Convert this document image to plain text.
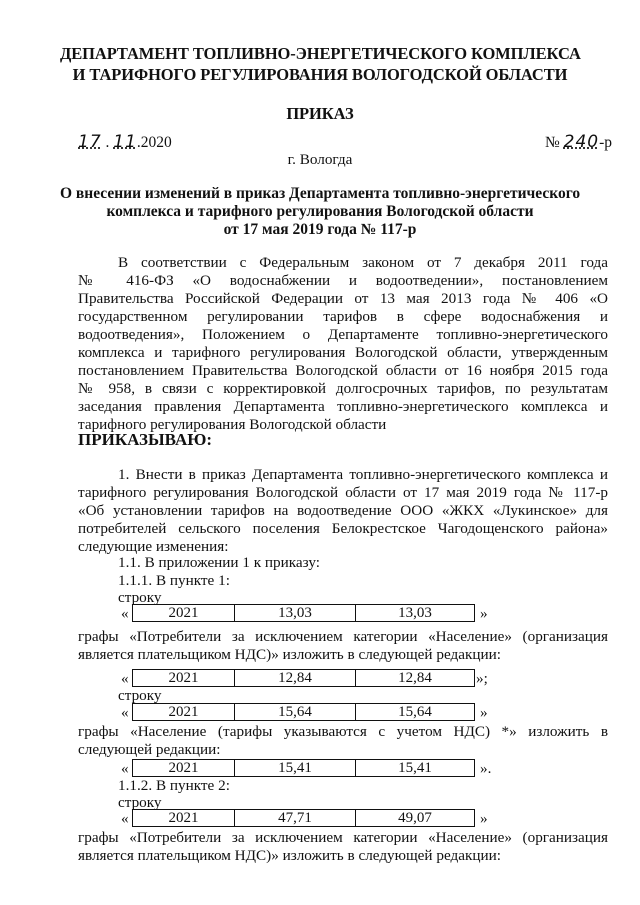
ДЕПАРТАМЕНТ ТОПЛИВНО-ЭНЕРГЕТИЧЕСКОГО КОМПЛЕКСА
И ТАРИФНОГО РЕГУЛИРОВАНИЯ ВОЛОГОДСКОЙ ОБЛАСТИ
ПРИКАЗ
17 . 11.2020	№ 240-р
г. Вологда
О внесении изменений в приказ Департамента топливно-энергетического
комплекса и тарифного регулирования Вологодской области
от 17 мая 2019 года № 117-р
В соответствии с Федеральным законом от 7 декабря 2011 года
№ 416-ФЗ «О водоснабжении и водоотведении», постановлением
Правительства Российской Федерации от 13 мая 2013 года № 406 «О
государственном регулировании тарифов в сфере водоснабжения и
водоотведения», Положением о Департаменте топливно-энергетического
комплекса и тарифного регулирования Вологодской области, утвержденным
постановлением Правительства Вологодской области от 16 ноября 2015 года
№ 958, в связи с корректировкой долгосрочных тарифов, по результатам
заседания правления Департамента топливно-энергетического комплекса и
тарифного регулирования Вологодской области
ПРИКАЗЫВАЮ:
1. Внести в приказ Департамента топливно-энергетического комплекса и
тарифного регулирования Вологодской области от 17 мая 2019 года № 117-р
«Об установлении тарифов на водоотведение ООО «ЖКХ «Лукинское» для
потребителей сельского поселения Белокрестское Чагодощенского района»
следующие изменения:
1.1. В приложении 1 к приказу:
1.1.1. В пункте 1:
строку
«	2021	13,03	13,03	»
графы «Потребители за исключением категории «Население» (организация
является плательщиком НДС)» изложить в следующей редакции:
«	2021	12,84	12,84	»;
строку
«	2021	15,64	15,64	»
графы «Население (тарифы указываются с учетом НДС) *» изложить в
следующей редакции:
«	2021	15,41	15,41	».
1.1.2. В пункте 2:
строку
«	2021	47,71	49,07	»
графы «Потребители за исключением категории «Население» (организация
является плательщиком НДС)» изложить в следующей редакции:
